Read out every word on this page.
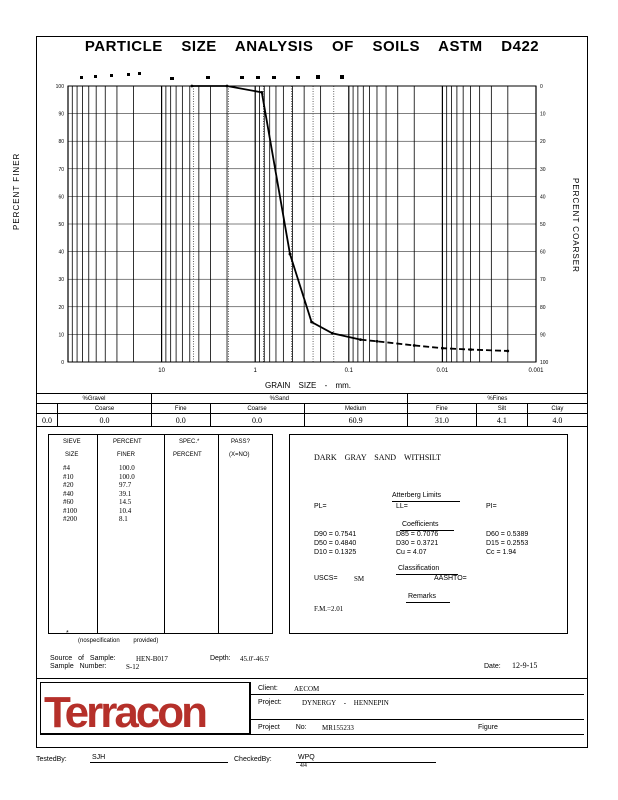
PARTICLE SIZE ANALYSIS OF SOILS ASTM D422
10	1	0.1	0.01	0.001
100
90
80
70
60
50
40
30
20
10
0
0
10
20
30
40
50
60
70
80
90
100
PERCENT FINER	PERCENT COARSER
GRAIN SIZE - mm.
%Gravel		%Sand			%Fines		
	Coarse	Fine	Coarse	Medium	Fine	Silt	Clay
0.0	0.0	0.0	0.0	60.9	31.0	4.1	4.0
SIEVE	PERCENT	SPEC.*	PASS?
SIZE	FINER	PERCENT	(X=NO)
#4	100.0
#10	100.0
#20	97.7
#40	39.1
#60	14.5
#100	10.4
#200	8.1
*
(nospecification provided)
DARK GRAY SAND WITHSILT
Atterberg Limits
PL=	LL=	PI=
Coefficients
D90 = 0.7541	D85 = 0.7076	D60 = 0.5389
D50 = 0.4840	D30 = 0.3721	D15 = 0.2553
D10 = 0.1325	Cu = 4.07	Cc = 1.94
Classification
USCS= SM	AASHTO=
Remarks
F.M.=2.01
Source of Sample:	HEN-B017	Depth: 45.0'-46.5'
Sample Number:	S-12	Date: 12-9-15
Terracon	Client: AECOM
Project:	DYNERGY - HENNEPIN
Project No: MR155233	Figure
TestedBy:	SJH	CheckedBy:	WPQ
4/4
